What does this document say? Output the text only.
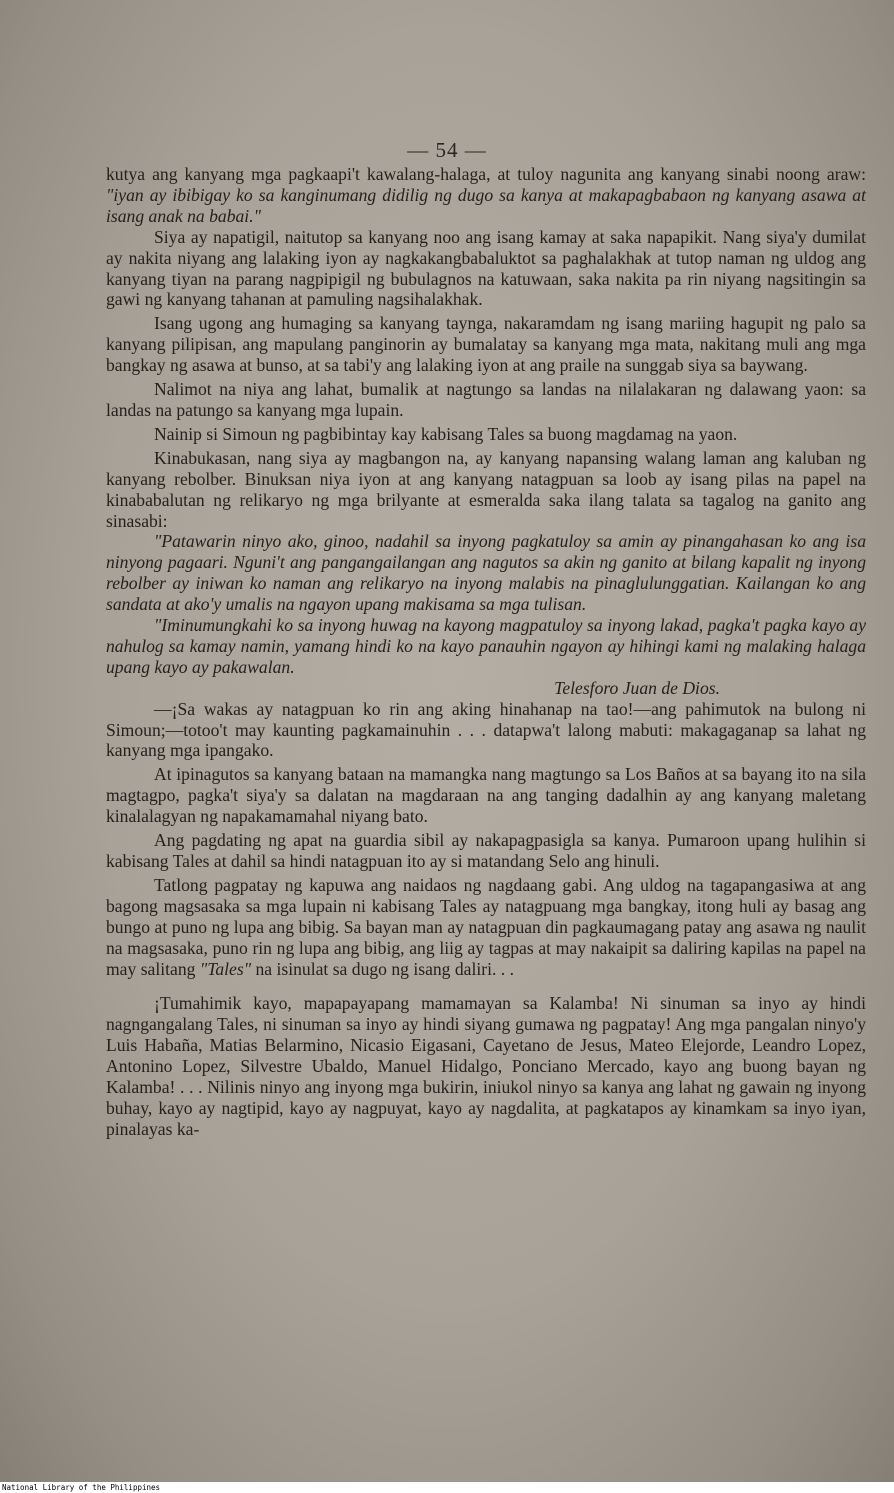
— 54 —

kutya ang kanyang mga pagkaapi't kawalang-halaga, at tuloy nagunita ang kanyang sinabi noong araw: "iyan ay ibibigay ko sa kanginumang didilig ng dugo sa kanya at makapagbabaon ng kanyang asawa at isang anak na babai."

Siya ay napatigil, naitutop sa kanyang noo ang isang kamay at saka napapikit. Nang siya'y dumilat ay nakita niyang ang lalaking iyon ay nagkakangbabaluktot sa paghalakhak at tutop naman ng uldog ang kanyang tiyan na parang nagpipigil ng bubulagnos na katuwaan, saka nakita pa rin niyang nagsitingin sa gawi ng kanyang tahanan at pamuling nagsihalakhak.

Isang ugong ang humaging sa kanyang taynga, nakaramdam ng isang mariing hagupit ng palo sa kanyang pilipisan, ang mapulang panginorin ay bumalatay sa kanyang mga mata, nakitang muli ang mga bangkay ng asawa at bunso, at sa tabi'y ang lalaking iyon at ang praile na sunggab siya sa baywang.

Nalimot na niya ang lahat, bumalik at nagtungo sa landas na nilalakaran ng dalawang yaon: sa landas na patungo sa kanyang mga lupain.

Nainip si Simoun ng pagbibintay kay kabisang Tales sa buong magdamag na yaon.

Kinabukasan, nang siya ay magbangon na, ay kanyang napansing walang laman ang kaluban ng kanyang rebolber. Binuksan niya iyon at ang kanyang natagpuan sa loob ay isang pilas na papel na kinababalutan ng relikaryo ng mga brilyante at esmeralda saka ilang talata sa tagalog na ganito ang sinasabi:

"Patawarin ninyo ako, ginoo, nadahil sa inyong pagkatuloy sa amin ay pinangahasan ko ang isa ninyong pagaari. Nguni't ang pangangailangan ang nagutos sa akin ng ganito at bilang kapalit ng inyong rebolber ay iniwan ko naman ang relikaryo na inyong malabis na pinaglulunggatian. Kailangan ko ang sandata at ako'y umalis na ngayon upang makisama sa mga tulisan.

"Iminumungkahi ko sa inyong huwag na kayong magpatuloy sa inyong lakad, pagka't pagka kayo ay nahulog sa kamay namin, yamang hindi ko na kayo panauhin ngayon ay hihingi kami ng malaking halaga upang kayo ay pakawalan.

Telesforo Juan de Dios.

—¡Sa wakas ay natagpuan ko rin ang aking hinahanap na tao!—ang pahimutok na bulong ni Simoun;—totoo't may kaunting pagkamainuhin . . . datapwa't lalong mabuti: makagaganap sa lahat ng kanyang mga ipangako.

At ipinagutos sa kanyang bataan na mamangka nang magtungo sa Los Baños at sa bayang ito na sila magtagpo, pagka't siya'y sa dalatan na magdaraan na ang tanging dadalhin ay ang kanyang maletang kinalalagyan ng napakamamahal niyang bato.

Ang pagdating ng apat na guardia sibil ay nakapagpasigla sa kanya. Pumaroon upang hulihin si kabisang Tales at dahil sa hindi natagpuan ito ay si matandang Selo ang hinuli.

Tatlong pagpatay ng kapuwa ang naidaos ng nagdaang gabi. Ang uldog na tagapangasiwa at ang bagong magsasaka sa mga lupain ni kabisang Tales ay natagpuang mga bangkay, itong huli ay basag ang bungo at puno ng lupa ang bibig. Sa bayan man ay natagpuan din pagkaumagang patay ang asawa ng naulit na magsasaka, puno rin ng lupa ang bibig, ang liig ay tagpas at may nakaipit sa daliring kapilas na papel na may salitang "Tales" na isinulat sa dugo ng isang daliri. . .

¡Tumahimik kayo, mapapayapang mamamayan sa Kalamba! Ni sinuman sa inyo ay hindi nagngangalang Tales, ni sinuman sa inyo ay hindi siyang gumawa ng pagpatay! Ang mga pangalan ninyo'y Luis Habaña, Matias Belarmino, Nicasio Eigasani, Cayetano de Jesus, Mateo Elejorde, Leandro Lopez, Antonino Lopez, Silvestre Ubaldo, Manuel Hidalgo, Ponciano Mercado, kayo ang buong bayan ng Kalamba! . . . Nilinis ninyo ang inyong mga bukirin, iniukol ninyo sa kanya ang lahat ng gawain ng inyong buhay, kayo ay nagtipid, kayo ay nagpuyat, kayo ay nagdalita, at pagkatapos ay kinamkam sa inyo iyan, pinalayas ka-

National Library of the Philippines
